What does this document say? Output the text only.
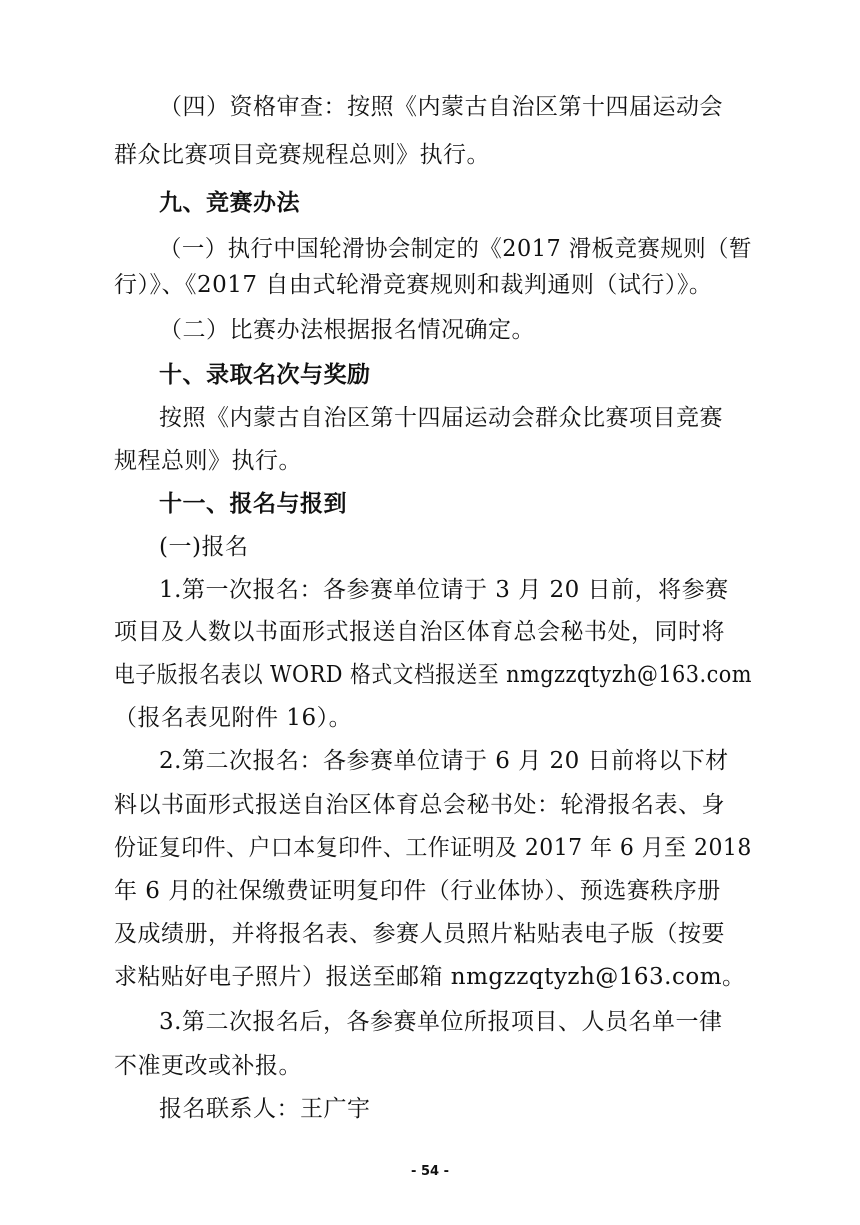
（四）资格审查：按照《内蒙古自治区第十四届运动会
群众比赛项目竞赛规程总则》执行。
九、竞赛办法
（一）执行中国轮滑协会制定的《2017 滑板竞赛规则（暂
行）》、《2017 自由式轮滑竞赛规则和裁判通则（试行）》。
（二）比赛办法根据报名情况确定。
十、录取名次与奖励
按照《内蒙古自治区第十四届运动会群众比赛项目竞赛
规程总则》执行。
十一、报名与报到
(一)报名
1.第一次报名：各参赛单位请于 3 月 20 日前，将参赛
项目及人数以书面形式报送自治区体育总会秘书处，同时将
电子版报名表以 WORD 格式文档报送至 nmgzzqtyzh@163.com
（报名表见附件 16）。
2.第二次报名：各参赛单位请于 6 月 20 日前将以下材
料以书面形式报送自治区体育总会秘书处：轮滑报名表、身
份证复印件、户口本复印件、工作证明及 2017 年 6 月至 2018
年 6 月的社保缴费证明复印件（行业体协）、预选赛秩序册
及成绩册，并将报名表、参赛人员照片粘贴表电子版（按要
求粘贴好电子照片）报送至邮箱 nmgzzqtyzh@163.com。
3.第二次报名后，各参赛单位所报项目、人员名单一律
不准更改或补报。
报名联系人：王广宇
- 54 -
